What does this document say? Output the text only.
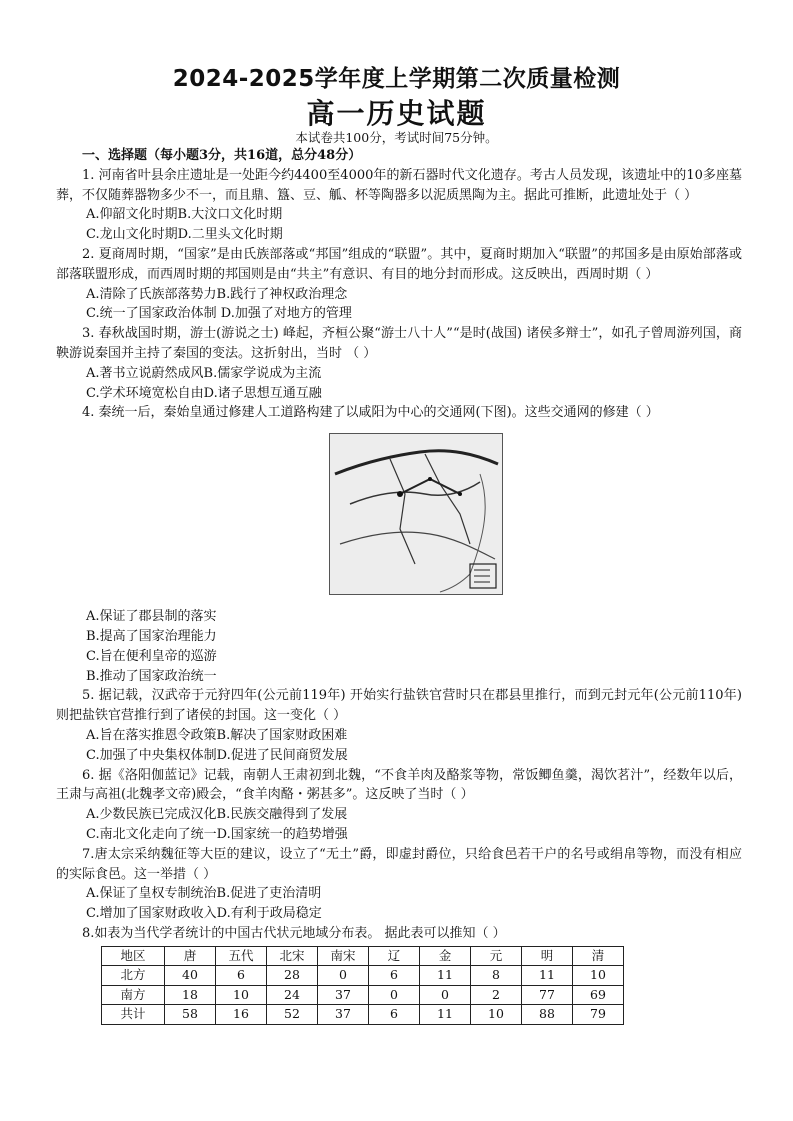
2024-2025学年度上学期第二次质量检测
高一历史试题
本试卷共100分，考试时间75分钟。

一、选择题（每小题3分，共16道，总分48分）

1. 河南省叶县余庄遗址是一处距今约4400至4000年的新石器时代文化遗存。考古人员发现，该遗址中的10多座墓葬，不仅随葬器物多少不一，而且鼎、簋、豆、觚、杯等陶器多以泥质黑陶为主。据此可推断，此遗址处于（ ）

A.仰韶文化时期B.大汶口文化时期

C.龙山文化时期D.二里头文化时期

2. 夏商周时期，“国家”是由氏族部落或“邦国”组成的“联盟”。其中，夏商时期加入“联盟”的邦国多是由原始部落或部落联盟形成，而西周时期的邦国则是由“共主”有意识、有目的地分封而形成。这反映出，西周时期（ ）

A.清除了氏族部落势力B.践行了神权政治理念

C.统一了国家政治体制 D.加强了对地方的管理

3. 春秋战国时期，游士(游说之士) 峰起，齐桓公聚“游士八十人”“是时(战国) 诸侯多辩士”，如孔子曾周游列国，商鞅游说秦国并主持了秦国的变法。这折射出，当时 （ ）

A.著书立说蔚然成风B.儒家学说成为主流

C.学术环境宽松自由D.诸子思想互通互融

4. 秦统一后，秦始皇通过修建人工道路构建了以咸阳为中心的交通网(下图)。这些交通网的修建（ ）

A.保证了郡县制的落实

B.提高了国家治理能力

C.旨在便利皇帝的巡游

B.推动了国家政治统一

5. 据记载，汉武帝于元狩四年(公元前119年) 开始实行盐铁官营时只在郡县里推行，而到元封元年(公元前110年)则把盐铁官营推行到了诸侯的封国。这一变化（ ）

A.旨在落实推恩令政策B.解决了国家财政困难

C.加强了中央集权体制D.促进了民间商贸发展

6. 据《洛阳伽蓝记》记载，南朝人王肃初到北魏，“不食羊肉及酪浆等物，常饭鲫鱼羹，渴饮茗汁”，经数年以后，王肃与高祖(北魏孝文帝)殿会，“食羊肉酪・粥甚多”。这反映了当时（ ）

A.少数民族已完成汉化B.民族交融得到了发展

C.南北文化走向了统一D.国家统一的趋势增强

7.唐太宗采纳魏征等大臣的建议，设立了“无土”爵，即虚封爵位，只给食邑若干户的名号或绢帛等物，而没有相应的实际食邑。这一举措（ ）

A.保证了皇权专制统治B.促进了吏治清明

C.增加了国家财政收入D.有利于政局稳定

8.如表为当代学者统计的中国古代状元地域分布表。 据此表可以推知（ ）

地区	唐	五代	北宋	南宋	辽	金	元	明	清
北方	40	6	28	0	6	11	8	11	10
南方	18	10	24	37	0	0	2	77	69
共计	58	16	52	37	6	11	10	88	79
